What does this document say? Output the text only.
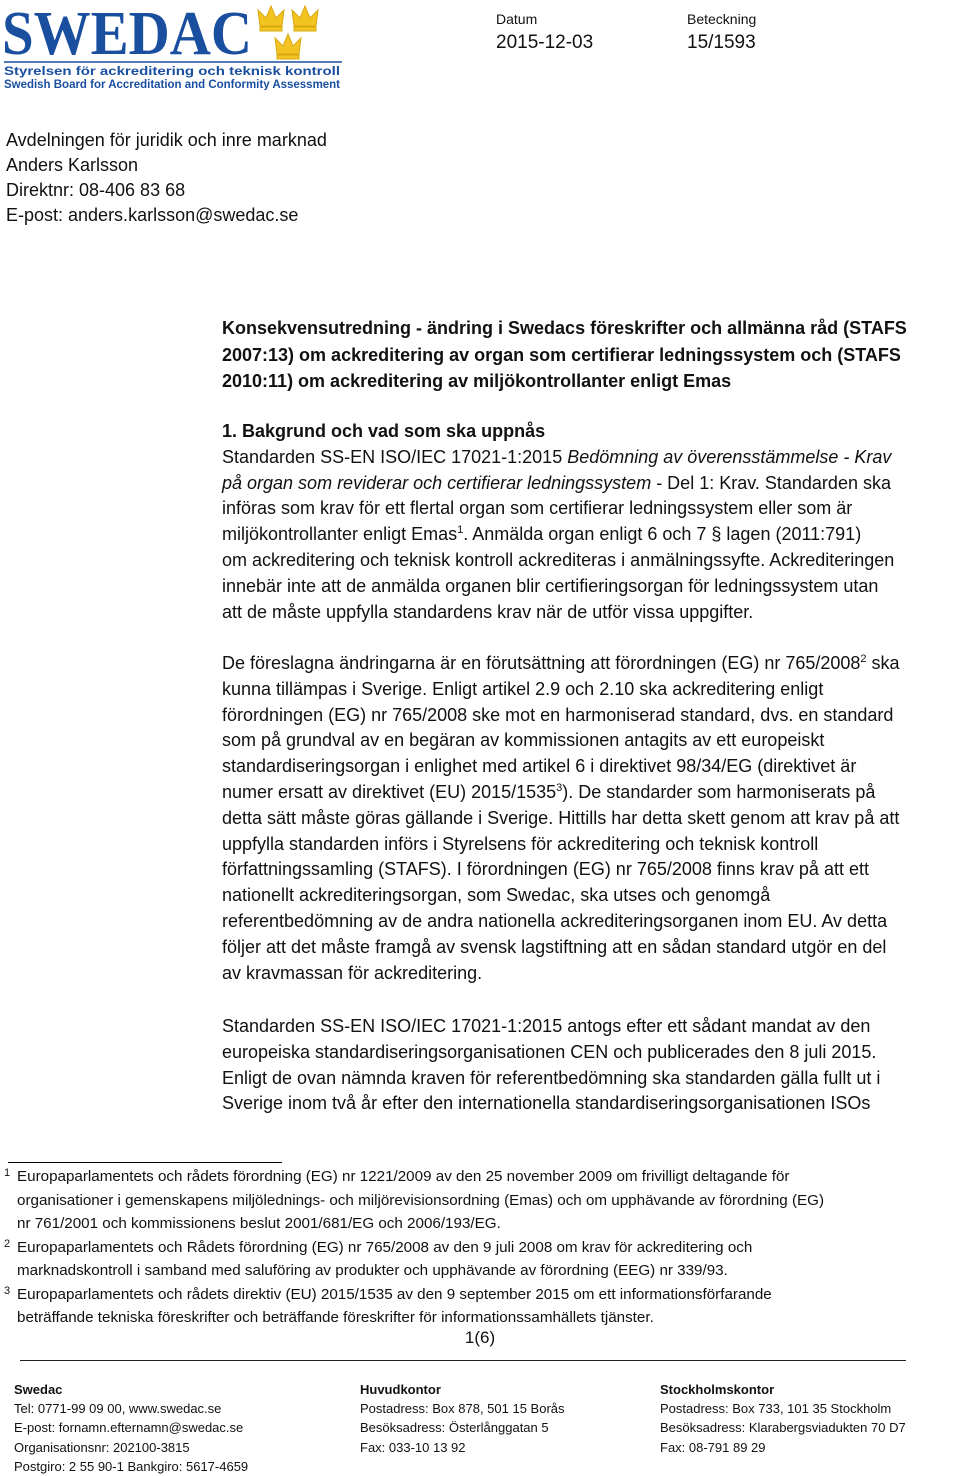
SWEDAC
Styrelsen för ackreditering och teknisk kontroll
Swedish Board for Accreditation and Conformity Assessment
Datum
2015-12-03
Beteckning
15/1593
Avdelningen för juridik och inre marknad
Anders Karlsson
Direktnr: 08-406 83 68
E-post: anders.karlsson@swedac.se
Konsekvensutredning - ändring i Swedacs föreskrifter och allmänna råd (STAFS
2007:13) om ackreditering av organ som certifierar ledningssystem och (STAFS
2010:11) om ackreditering av miljökontrollanter enligt Emas
1. Bakgrund och vad som ska uppnås
Standarden SS-EN ISO/IEC 17021-1:2015 Bedömning av överensstämmelse - Krav
på organ som reviderar och certifierar ledningssystem - Del 1: Krav. Standarden ska
införas som krav för ett flertal organ som certifierar ledningssystem eller som är
miljökontrollanter enligt Emas$^1$. Anmälda organ enligt 6 och 7 § lagen (2011:791)
om ackreditering och teknisk kontroll ackrediteras i anmälningssyfte. Ackrediteringen
innebär inte att de anmälda organen blir certifieringsorgan för ledningssystem utan
att de måste uppfylla standardens krav när de utför vissa uppgifter.
De föreslagna ändringarna är en förutsättning att förordningen (EG) nr 765/2008$^2$ ska
kunna tillämpas i Sverige. Enligt artikel 2.9 och 2.10 ska ackreditering enligt
förordningen (EG) nr 765/2008 ske mot en harmoniserad standard, dvs. en standard
som på grundval av en begäran av kommissionen antagits av ett europeiskt
standardiseringsorgan i enlighet med artikel 6 i direktivet 98/34/EG (direktivet är
numer ersatt av direktivet (EU) 2015/1535$^3$). De standarder som harmoniserats på
detta sätt måste göras gällande i Sverige. Hittills har detta skett genom att krav på att
uppfylla standarden införs i Styrelsens för ackreditering och teknisk kontroll
författningssamling (STAFS). I förordningen (EG) nr 765/2008 finns krav på att ett
nationellt ackrediteringsorgan, som Swedac, ska utses och genomgå
referentbedömning av de andra nationella ackrediteringsorganen inom EU. Av detta
följer att det måste framgå av svensk lagstiftning att en sådan standard utgör en del
av kravmassan för ackreditering.
Standarden SS-EN ISO/IEC 17021-1:2015 antogs efter ett sådant mandat av den
europeiska standardiseringsorganisationen CEN och publicerades den 8 juli 2015.
Enligt de ovan nämnda kraven för referentbedömning ska standarden gälla fullt ut i
Sverige inom två år efter den internationella standardiseringsorganisationen ISOs
1 Europaparlamentets och rådets förordning (EG) nr 1221/2009 av den 25 november 2009 om frivilligt deltagande för
organisationer i gemenskapens miljölednings- och miljörevisionsordning (Emas) och om upphävande av förordning (EG)
nr 761/2001 och kommissionens beslut 2001/681/EG och 2006/193/EG.
2 Europaparlamentets och Rådets förordning (EG) nr 765/2008 av den 9 juli 2008 om krav för ackreditering och
marknadskontroll i samband med saluföring av produkter och upphävande av förordning (EEG) nr 339/93.
3 Europaparlamentets och rådets direktiv (EU) 2015/1535 av den 9 september 2015 om ett informationsförfarande
beträffande tekniska föreskrifter och beträffande föreskrifter för informationssamhällets tjänster.
1(6)
Swedac
Tel: 0771-99 09 00, www.swedac.se
E-post: fornamn.efternamn@swedac.se
Organisationsnr: 202100-3815
Postgiro: 2 55 90-1 Bankgiro: 5617-4659
Huvudkontor
Postadress: Box 878, 501 15 Borås
Besöksadress: Österlånggatan 5
Fax: 033-10 13 92
Stockholmskontor
Postadress: Box 733, 101 35 Stockholm
Besöksadress: Klarabergsviadukten 70 D7
Fax: 08-791 89 29
